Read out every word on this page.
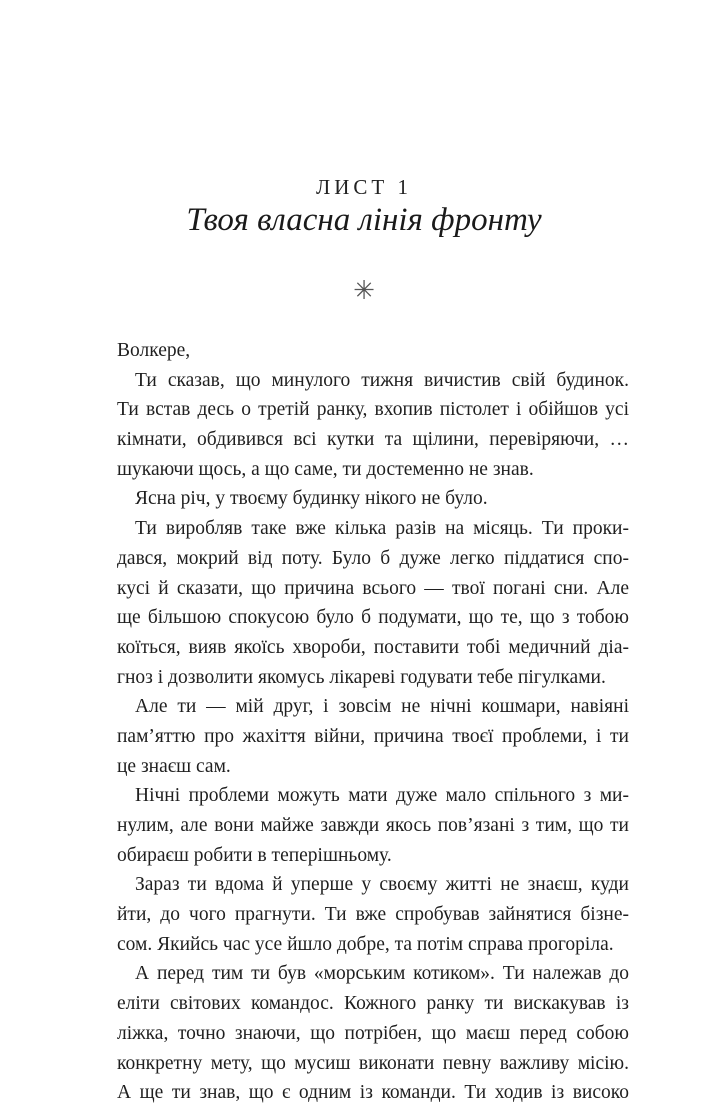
ЛИСТ 1
Твоя власна лінія фронту
✳
Волкере,
Ти сказав, що минулого тижня вичистив свій будинок.
Ти встав десь о третій ранку, вхопив пістолет і обійшов усі
кімнати, обдивився всі кутки та щілини, перевіряючи, …
шукаючи щось, а що саме, ти достеменно не знав.
Ясна річ, у твоєму будинку нікого не було.
Ти виробляв таке вже кілька разів на місяць. Ти проки-
дався, мокрий від поту. Було б дуже легко піддатися спо-
кусі й сказати, що причина всього — твої погані сни. Але
ще більшою спокусою було б подумати, що те, що з тобою
коїться, вияв якоїсь хвороби, поставити тобі медичний діа-
гноз і дозволити якомусь лікареві годувати тебе пігулками.
Але ти — мій друг, і зовсім не нічні кошмари, навіяні
пам’яттю про жахіття війни, причина твоєї проблеми, і ти
це знаєш сам.
Нічні проблеми можуть мати дуже мало спільного з ми-
нулим, але вони майже завжди якось пов’язані з тим, що ти
обираєш робити в теперішньому.
Зараз ти вдома й уперше у своєму житті не знаєш, куди
йти, до чого прагнути. Ти вже спробував зайнятися бізне-
сом. Якийсь час усе йшло добре, та потім справа прогоріла.
А перед тим ти був «морським котиком». Ти належав до
еліти світових командос. Кожного ранку ти вискакував із
ліжка, точно знаючи, що потрібен, що маєш перед собою
конкретну мету, що мусиш виконати певну важливу місію.
А ще ти знав, що є одним із команди. Ти ходив із високо
